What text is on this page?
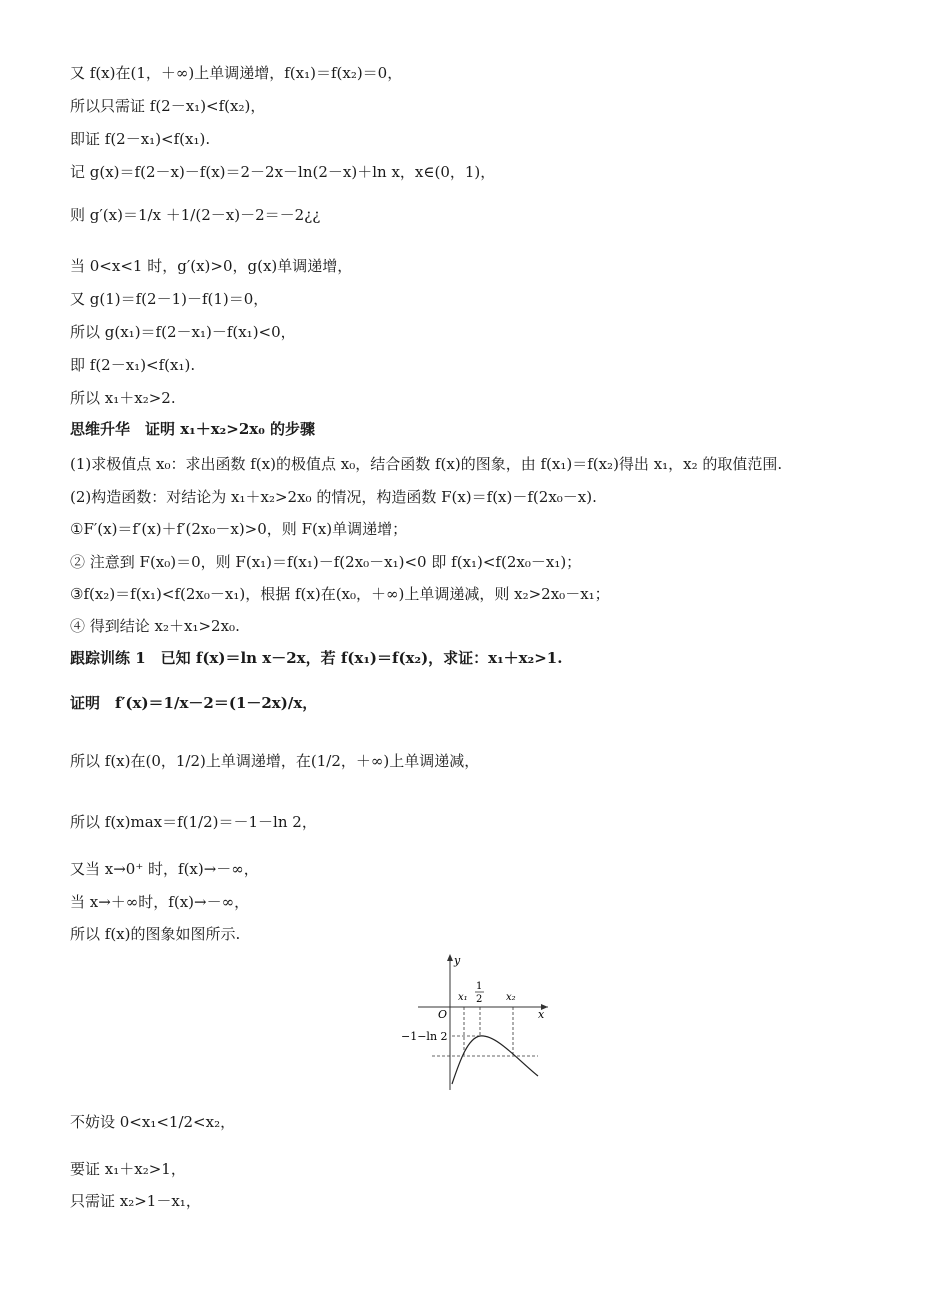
又 f(x)在(1，＋∞)上单调递增，f(x₁)＝f(x₂)＝0，
所以只需证 f(2－x₁)<f(x₂)，
即证 f(2－x₁)<f(x₁).
记 g(x)＝f(2－x)－f(x)＝2－2x－ln(2－x)＋ln x，x∈(0，1)，
则 g′(x)＝1/x ＋1/(2－x)－2＝－2¿¿
当 0<x<1 时，g′(x)>0，g(x)单调递增，
又 g(1)＝f(2－1)－f(1)＝0，
所以 g(x₁)＝f(2－x₁)－f(x₁)<0，
即 f(2－x₁)<f(x₁).
所以 x₁＋x₂>2.
思维升华　证明 x₁＋x₂>2x₀ 的步骤
(1)求极值点 x₀：求出函数 f(x)的极值点 x₀，结合函数 f(x)的图象，由 f(x₁)＝f(x₂)得出 x₁，x₂ 的取值范围.
(2)构造函数：对结论为 x₁＋x₂>2x₀ 的情况，构造函数 F(x)＝f(x)－f(2x₀－x).
①F′(x)＝f′(x)＋f′(2x₀－x)>0，则 F(x)单调递增；
② 注意到 F(x₀)＝0，则 F(x₁)＝f(x₁)－f(2x₀－x₁)<0 即 f(x₁)<f(2x₀－x₁)；
③f(x₂)＝f(x₁)<f(2x₀－x₁)，根据 f(x)在(x₀，＋∞)上单调递减，则 x₂>2x₀－x₁；
④ 得到结论 x₂＋x₁>2x₀.
跟踪训练 1　已知 f(x)＝ln x－2x，若 f(x₁)＝f(x₂)，求证：x₁＋x₂>1.
证明　f′(x)＝1/x－2＝(1－2x)/x，
所以 f(x)在(0，1/2)上单调递增，在(1/2，＋∞)上单调递减，
所以 f(x)max＝f(1/2)＝－1－ln 2，
又当 x→0⁺ 时，f(x)→－∞，
当 x→＋∞时，f(x)→－∞，
所以 f(x)的图象如图所示.
不妨设 0<x₁<1/2<x₂，
要证 x₁＋x₂>1，
只需证 x₂>1－x₁，
y
x
O
x₁
1
2 x₂
−1−ln 2
